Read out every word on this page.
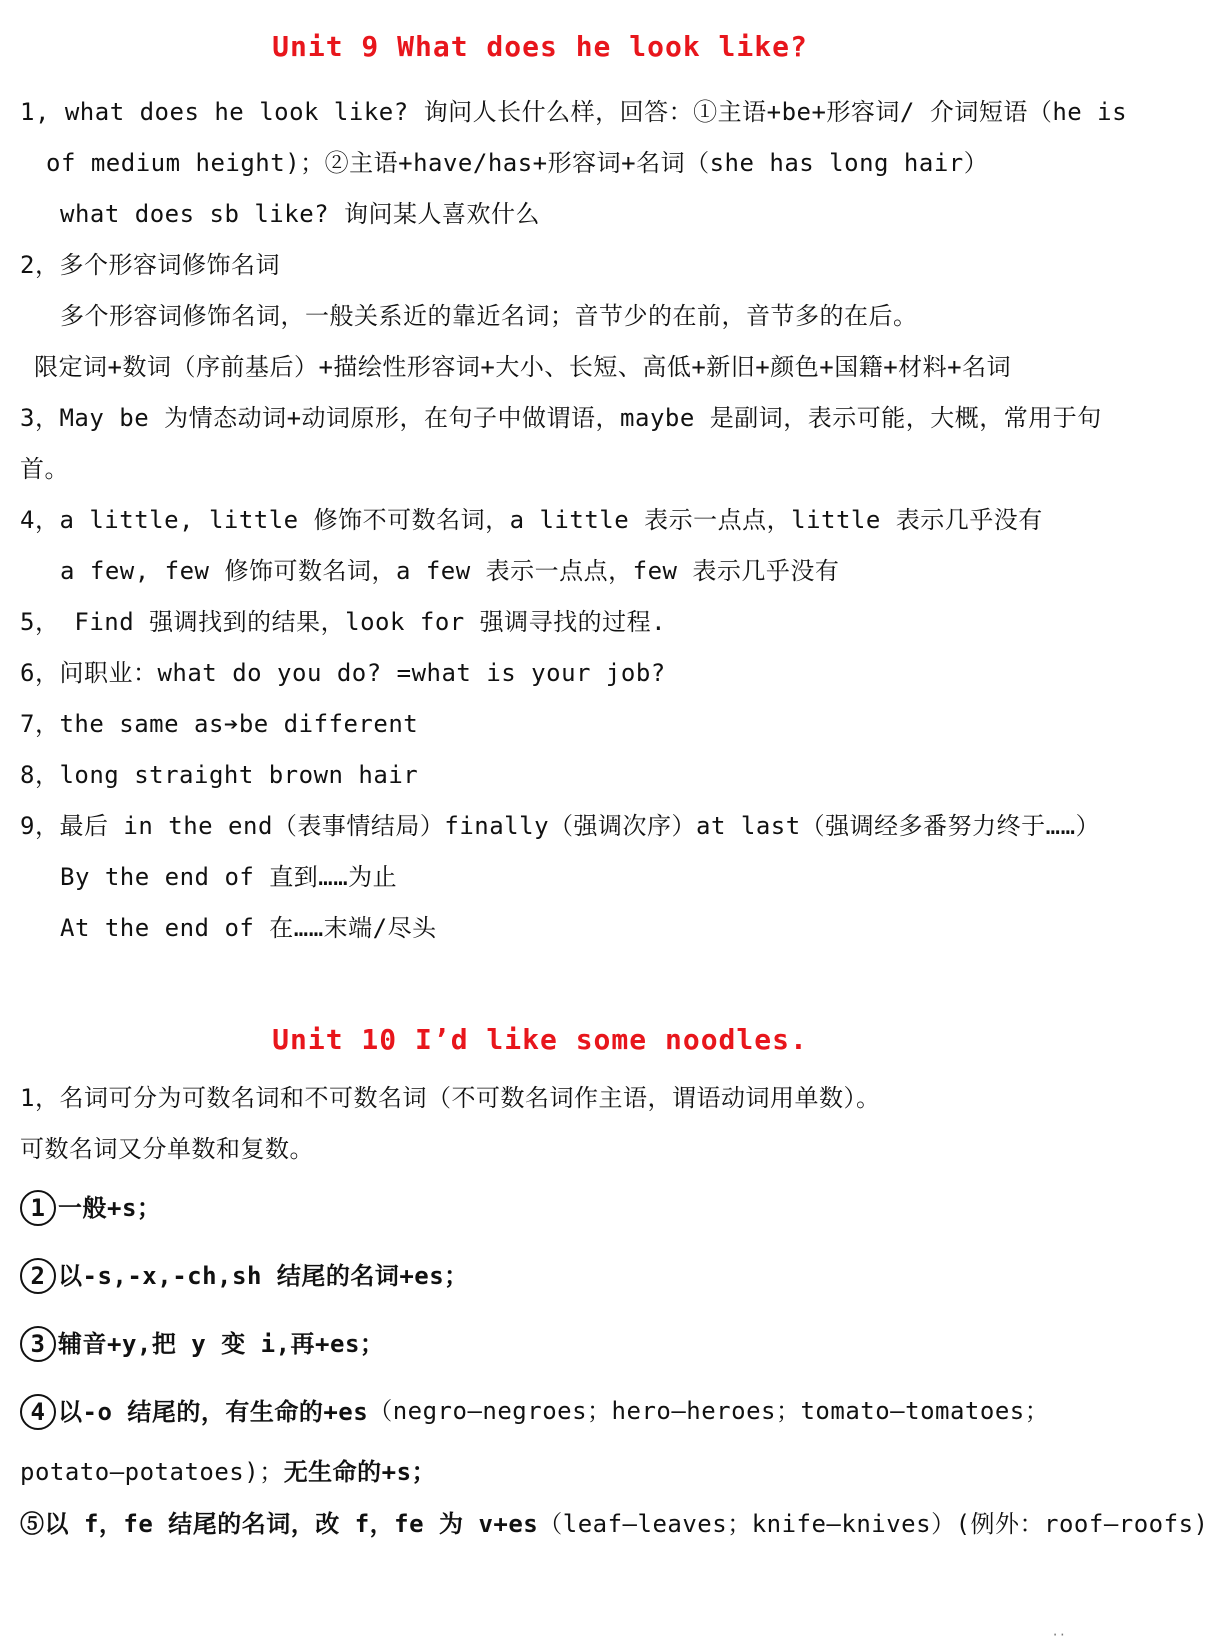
Unit 9 What does he look like?
1, what does he look like? 询问人长什么样，回答：①主语+be+形容词/ 介词短语（he is
of medium height)；②主语+have/has+形容词+名词（she has long hair）
what does sb like? 询问某人喜欢什么
2，多个形容词修饰名词
多个形容词修饰名词，一般关系近的靠近名词；音节少的在前，音节多的在后。
限定词+数词（序前基后）+描绘性形容词+大小、长短、高低+新旧+颜色+国籍+材料+名词
3，May be 为情态动词+动词原形，在句子中做谓语，maybe 是副词，表示可能，大概，常用于句
首。
4，a little, little 修饰不可数名词，a little 表示一点点，little 表示几乎没有
a few, few 修饰可数名词，a few 表示一点点，few 表示几乎没有
5， Find 强调找到的结果，look for 强调寻找的过程.
6，问职业：what do you do? =what is your job?
7，the same as➔be different
8，long straight brown hair
9，最后 in the end（表事情结局）finally（强调次序）at last（强调经多番努力终于……）
By the end of 直到……为止
At the end of 在……末端/尽头
Unit 10 I’d like some noodles.
1，名词可分为可数名词和不可数名词（不可数名词作主语，谓语动词用单数）。
可数名词又分单数和复数。
1 一般+s；
2 以-s,-x,-ch,sh 结尾的名词+es；
3 辅音+y,把 y 变 i,再+es；
4 以-o 结尾的，有生命的+es（negro—negroes；hero—heroes；tomato—tomatoes；
potato—potatoes)；无生命的+s；
⑤以 f，fe 结尾的名词，改 f，fe 为 v+es（leaf—leaves；knife—knives）(例外：roof—roofs)
··
